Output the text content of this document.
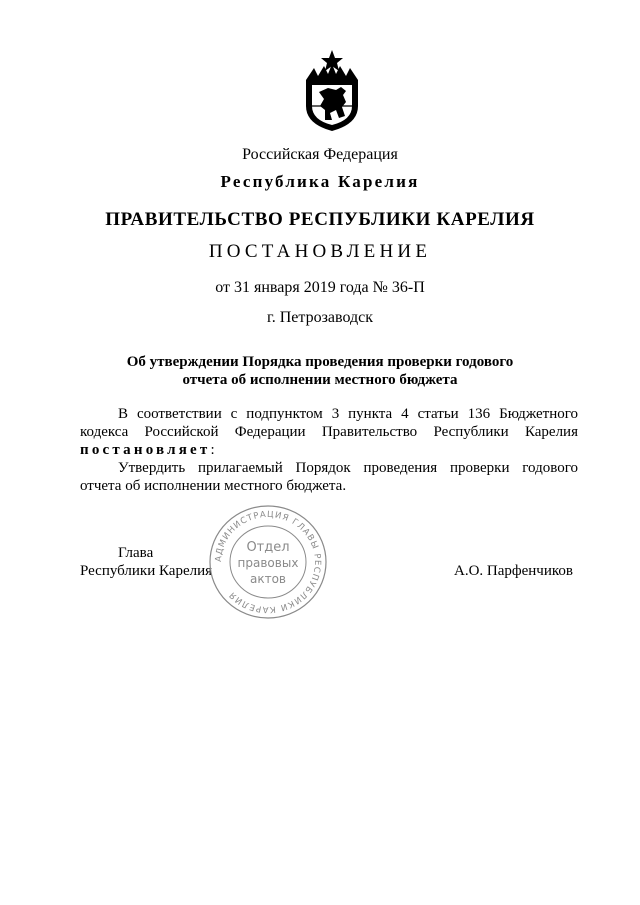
Российская Федерация
Республика Карелия
ПРАВИТЕЛЬСТВО РЕСПУБЛИКИ КАРЕЛИЯ
ПОСТАНОВЛЕНИЕ
от 31 января 2019 года № 36-П
г. Петрозаводск
Об утверждении Порядка проведения проверки годового
отчета об исполнении местного бюджета
В соответствии с подпунктом 3 пункта 4 статьи 136 Бюджетного
кодекса Российской Федерации Правительство Республики Карелия
постановляет:
Утвердить прилагаемый Порядок проведения проверки годового
отчета об исполнении местного бюджета.
Глава
Республики Карелия	А.О. Парфенчиков
АДМИНИСТРАЦИЯ ГЛАВЫ РЕСПУБЛИКИ КАРЕЛИЯ
Отдел
правовых
актов
